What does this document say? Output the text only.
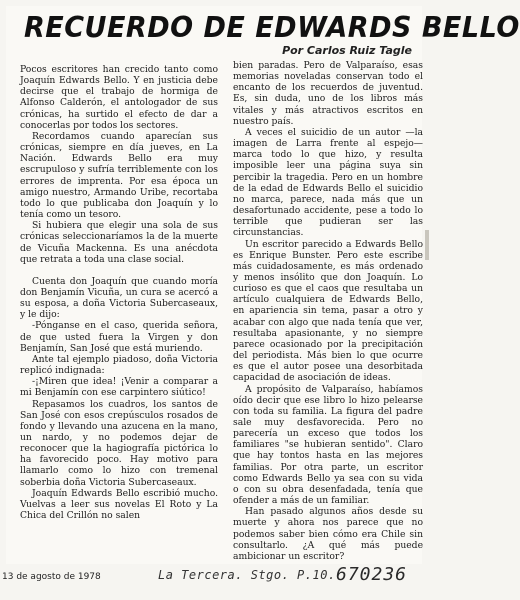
RECUERDO DE EDWARDS BELLO
Por Carlos Ruiz Tagle

Pocos escritores han crecido tanto como Joaquín Edwards Bello. Y en justicia debe decirse que el trabajo de hormiga de Alfonso Calderón, el antologador de sus crónicas, ha surtido el efecto de dar a conocerlas por todos los sectores.

Recordamos cuando aparecían sus crónicas, siempre en día jueves, en La Nación. Edwards Bello era muy escrupuloso y sufría terriblemente con los errores de imprenta. Por esa época un amigo nuestro, Armando Uribe, recortaba todo lo que publicaba don Joaquín y lo tenía como un tesoro.

Si hubiera que elegir una sola de sus crónicas seleccionaríamos la de la muerte de Vicuña Mackenna. Es una anécdota que retrata a toda una clase social.

Cuenta don Joaquín que cuando moría don Benjamín Vicuña, un cura se acercó a su esposa, a doña Victoria Subercaseaux, y le dijo:

-Pónganse en el caso, querida señora, de que usted fuera la Virgen y don Benjamín, San José que está muriendo.

Ante tal ejemplo piadoso, doña Victoria replicó indignada:

-¡Miren que idea! ¡Venir a comparar a mi Benjamín con ese carpintero siútico!

Repasamos los cuadros, los santos de San José con esos crepúsculos rosados de fondo y llevando una azucena en la mano, un nardo, y no podemos dejar de reconocer que la hagiografía pictórica lo ha favorecido poco. Hay motivo para llamarlo como lo hizo con tremenal soberbia doña Victoria Subercaseaux.

Joaquín Edwards Bello escribió mucho. Vuelvas a leer sus novelas El Roto y La Chica del Crillón no salen

bien paradas. Pero de Valparaíso, esas memorias noveladas conservan todo el encanto de los recuerdos de juventud. Es, sin duda, uno de los libros más vitales y más atractivos escritos en nuestro país.

A veces el suicidio de un autor —la imagen de Larra frente al espejo— marca todo lo que hizo, y resulta imposible leer una página suya sin percibir la tragedia. Pero en un hombre de la edad de Edwards Bello el suicidio no marca, parece, nada más que un desafortunado accidente, pese a todo lo terrible que pudieran ser las circunstancias.

Un escritor parecido a Edwards Bello es Enrique Bunster. Pero este escribe más cuidadosamente, es más ordenado y menos insólito que don Joaquín. Lo curioso es que el caos que resultaba un artículo cualquiera de Edwards Bello, en apariencia sin tema, pasar a otro y acabar con algo que nada tenía que ver, resultaba apasionante, y no siempre parece ocasionado por la precipitación del periodista. Más bien lo que ocurre es que el autor posee una desorbitada capacidad de asociación de ideas.

A propósito de Valparaíso, habíamos oído decir que ese libro lo hizo pelearse con toda su familia. La figura del padre sale muy desfavorecida. Pero no parecería un exceso que todos los familiares "se hubieran sentido". Claro que hay tontos hasta en las mejores familias. Por otra parte, un escritor como Edwards Bello ya sea con su vida o con su obra desenfadada, tenía que ofender a más de un familiar.

Han pasado algunos años desde su muerte y ahora nos parece que no podemos saber bien cómo era Chile sin consultarlo. ¿A qué más puede ambicionar un escritor?

13 de agosto de 1978	La Tercera. Stgo. P.10. 670236
